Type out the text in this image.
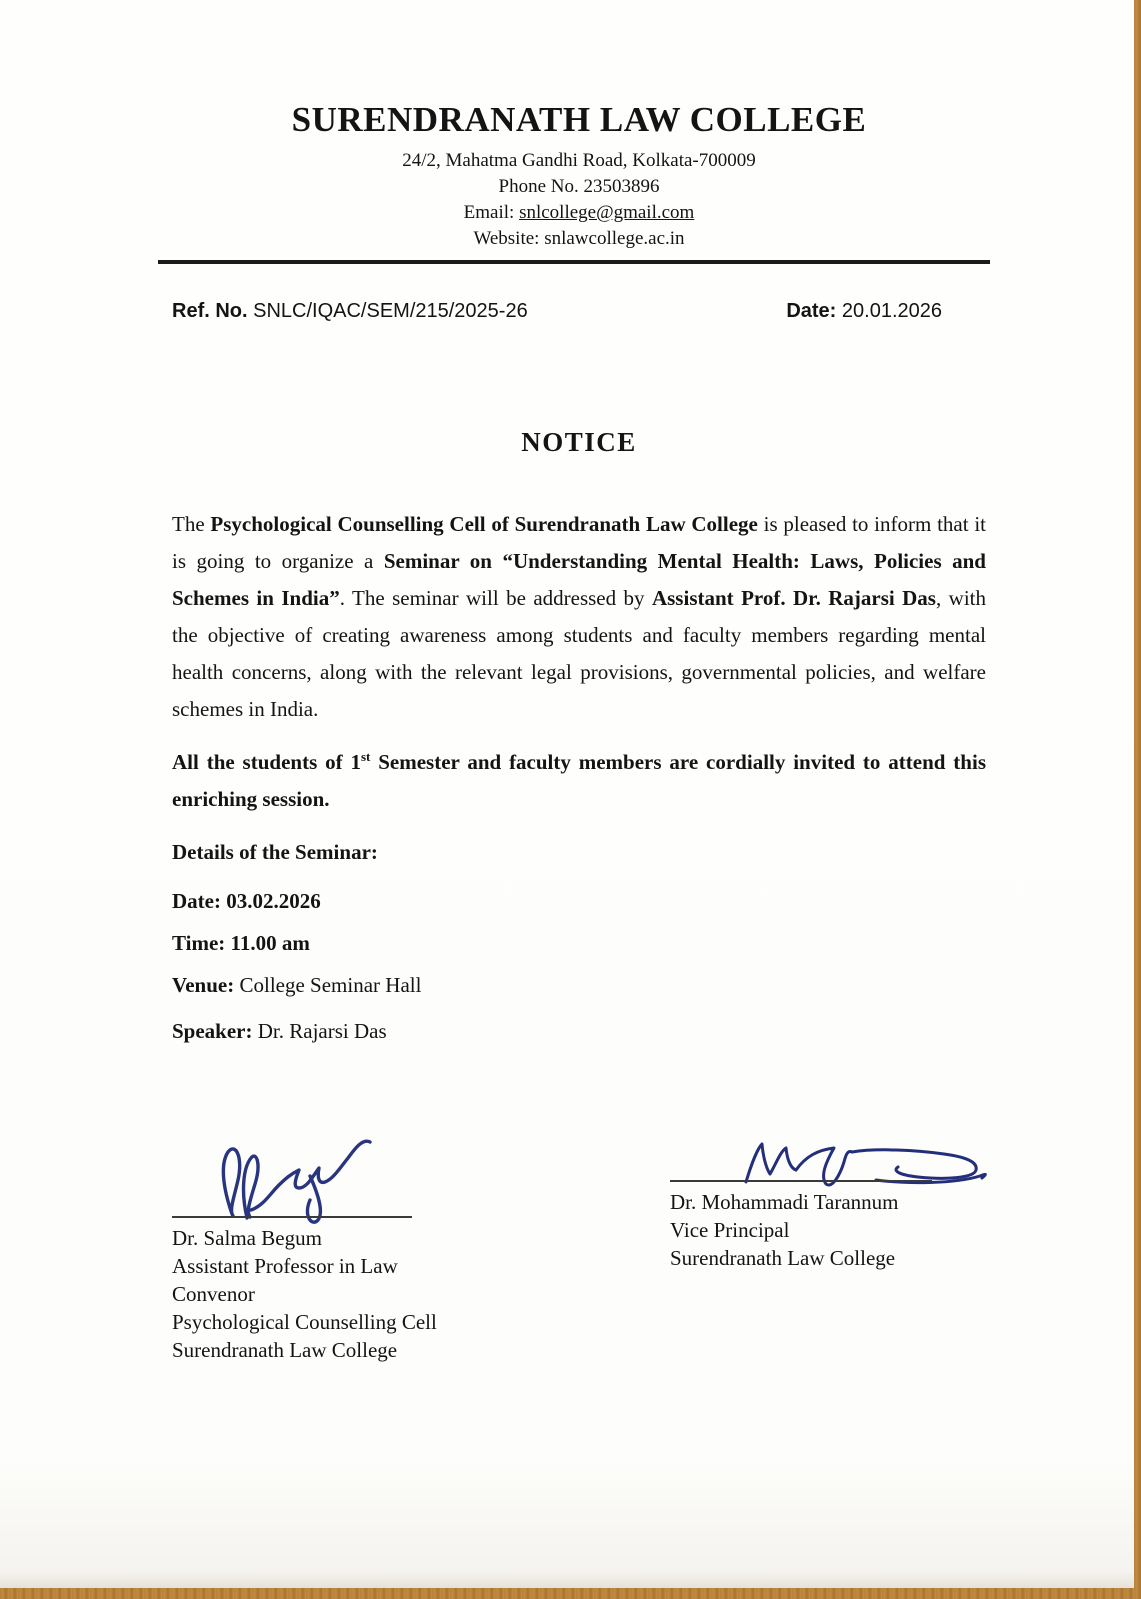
SURENDRANATH LAW COLLEGE
24/2, Mahatma Gandhi Road, Kolkata-700009
Phone No. 23503896
Email: snlcollege@gmail.com
Website: snlawcollege.ac.in
Ref. No. SNLC/IQAC/SEM/215/2025-26	Date: 20.01.2026
NOTICE

The Psychological Counselling Cell of Surendranath Law College is pleased to inform that it is going to organize a Seminar on “Understanding Mental Health: Laws, Policies and Schemes in India”. The seminar will be addressed by Assistant Prof. Dr. Rajarsi Das, with the objective of creating awareness among students and faculty members regarding mental health concerns, along with the relevant legal provisions, governmental policies, and welfare schemes in India.

All the students of 1st Semester and faculty members are cordially invited to attend this enriching session.

Details of the Seminar:

Date: 03.02.2026

Time: 11.00 am

Venue: College Seminar Hall

Speaker: Dr. Rajarsi Das

Dr. Salma Begum
Assistant Professor in Law
Convenor
Psychological Counselling Cell
Surendranath Law College
Dr. Mohammadi Tarannum
Vice Principal
Surendranath Law College
